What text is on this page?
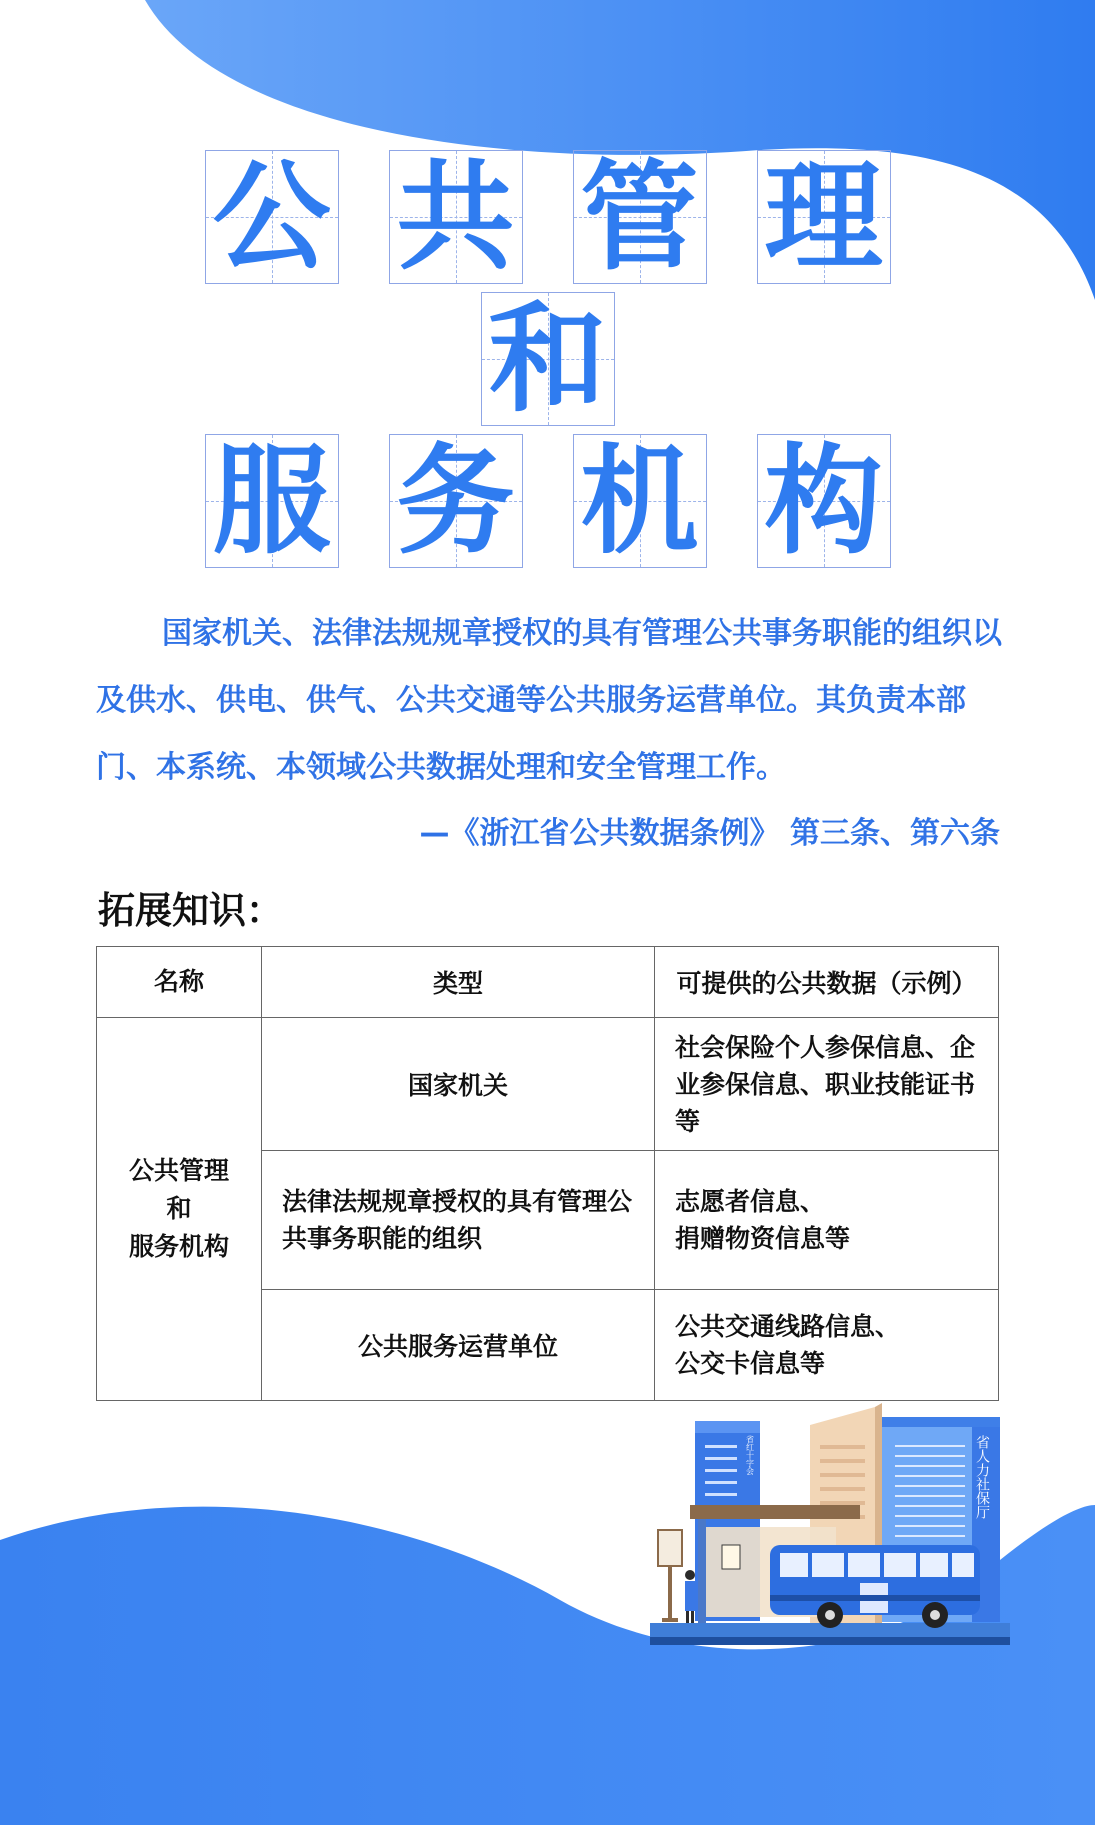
公 共 管 理
和
服 务 机 构
国家机关、法律法规规章授权的具有管理公共事务职能的组织以及供水、供电、供气、公共交通等公共服务运营单位。其负责本部门、本系统、本领域公共数据处理和安全管理工作。
—《浙江省公共数据条例》 第三条、第六条
拓展知识：
名称	类型	可提供的公共数据（示例）

公共管理
和
服务机构	国家机关	社会保险个人参保信息、企业参保信息、职业技能证书等
	法律法规规章授权的具有管理公共事务职能的组织	志愿者信息、
捐赠物资信息等

	公共服务运营单位	公共交通线路信息、
公交卡信息等
省红十字会	省人力社保厅
